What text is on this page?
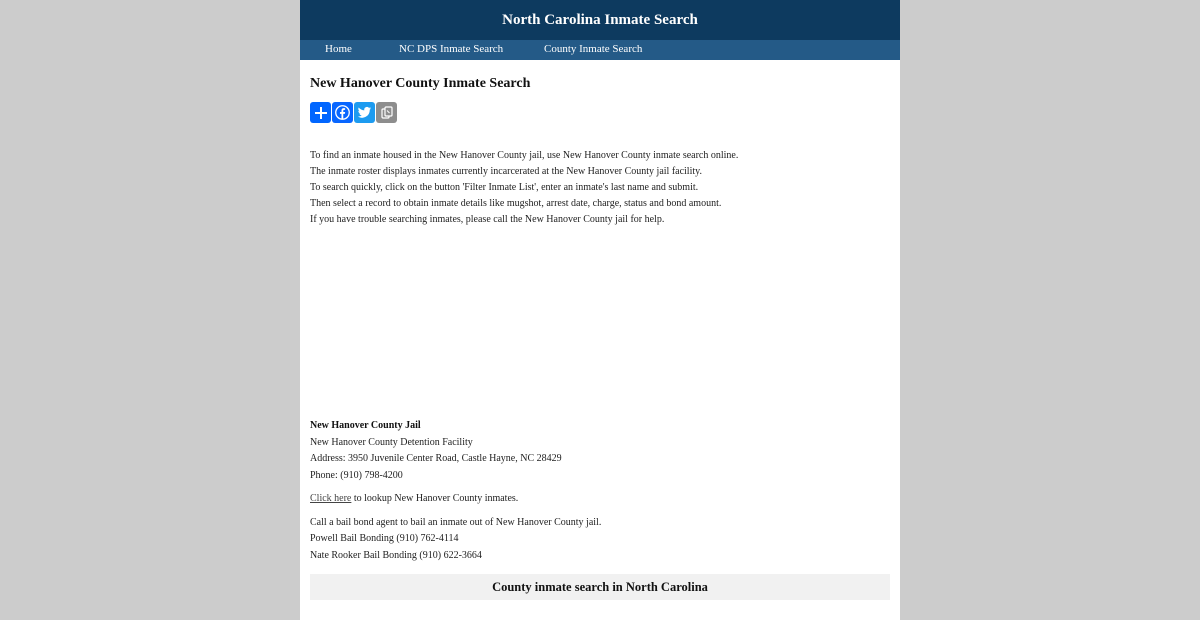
North Carolina Inmate Search
Home	NC DPS Inmate Search	County Inmate Search
New Hanover County Inmate Search
To find an inmate housed in the New Hanover County jail, use New Hanover County inmate search online.
The inmate roster displays inmates currently incarcerated at the New Hanover County jail facility.
To search quickly, click on the button 'Filter Inmate List', enter an inmate's last name and submit.
Then select a record to obtain inmate details like mugshot, arrest date, charge, status and bond amount.
If you have trouble searching inmates, please call the New Hanover County jail for help.
New Hanover County Jail
New Hanover County Detention Facility
Address: 3950 Juvenile Center Road, Castle Hayne, NC 28429
Phone: (910) 798-4200
Click here to lookup New Hanover County inmates.
Call a bail bond agent to bail an inmate out of New Hanover County jail.
Powell Bail Bonding (910) 762-4114
Nate Rooker Bail Bonding (910) 622-3664
County inmate search in North Carolina
